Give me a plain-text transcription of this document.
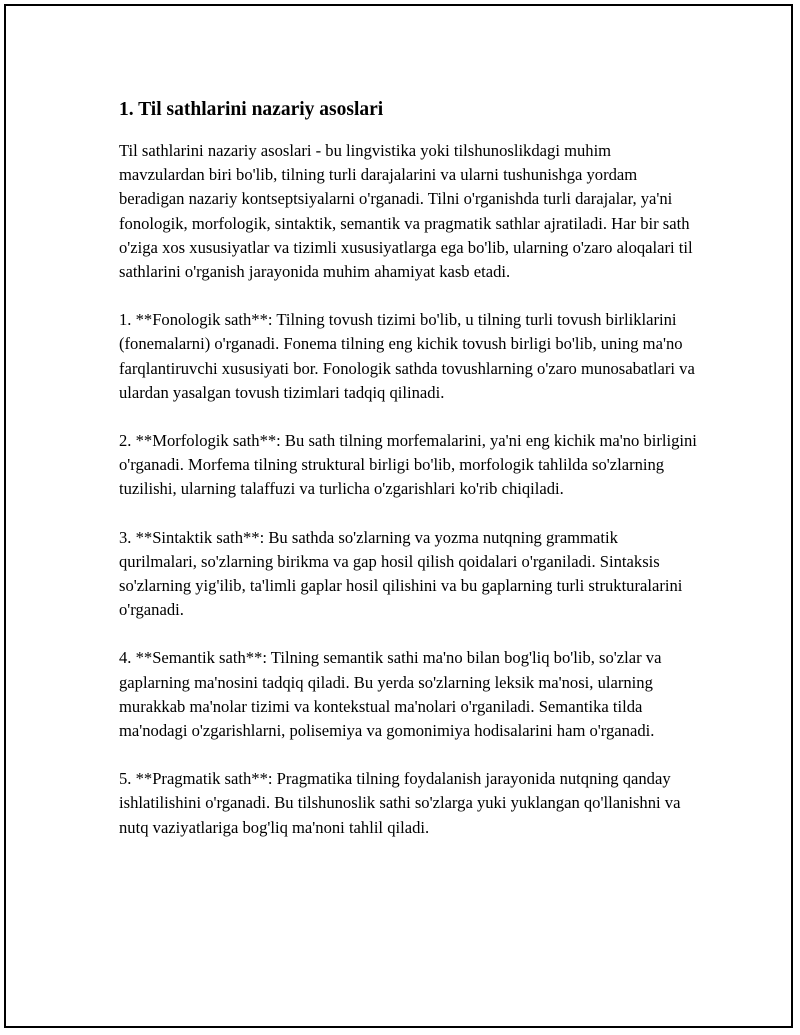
1. Til sathlarini nazariy asoslari

Til sathlarini nazariy asoslari - bu lingvistika yoki tilshunoslikdagi muhim mavzulardan biri bo'lib, tilning turli darajalarini va ularni tushunishga yordam beradigan nazariy kontseptsiyalarni o'rganadi. Tilni o'rganishda turli darajalar, ya'ni fonologik, morfologik, sintaktik, semantik va pragmatik sathlar ajratiladi. Har bir sath o'ziga xos xususiyatlar va tizimli xususiyatlarga ega bo'lib, ularning o'zaro aloqalari til sathlarini o'rganish jarayonida muhim ahamiyat kasb etadi.

1. **Fonologik sath**: Tilning tovush tizimi bo'lib, u tilning turli tovush birliklarini (fonemalarni) o'rganadi. Fonema tilning eng kichik tovush birligi bo'lib, uning ma'no farqlantiruvchi xususiyati bor. Fonologik sathda tovushlarning o'zaro munosabatlari va ulardan yasalgan tovush tizimlari tadqiq qilinadi.

2. **Morfologik sath**: Bu sath tilning morfemalarini, ya'ni eng kichik ma'no birligini o'rganadi. Morfema tilning struktural birligi bo'lib, morfologik tahlilda so'zlarning tuzilishi, ularning talaffuzi va turlicha o'zgarishlari ko'rib chiqiladi.

3. **Sintaktik sath**: Bu sathda so'zlarning va yozma nutqning grammatik qurilmalari, so'zlarning birikma va gap hosil qilish qoidalari o'rganiladi. Sintaksis so'zlarning yig'ilib, ta'limli gaplar hosil qilishini va bu gaplarning turli strukturalarini o'rganadi.

4. **Semantik sath**: Tilning semantik sathi ma'no bilan bog'liq bo'lib, so'zlar va gaplarning ma'nosini tadqiq qiladi. Bu yerda so'zlarning leksik ma'nosi, ularning murakkab ma'nolar tizimi va kontekstual ma'nolari o'rganiladi. Semantika tilda ma'nodagi o'zgarishlarni, polisemiya va gomonimiya hodisalarini ham o'rganadi.

5. **Pragmatik sath**: Pragmatika tilning foydalanish jarayonida nutqning qanday ishlatilishini o'rganadi. Bu tilshunoslik sathi so'zlarga yuki yuklangan qo'llanishni va nutq vaziyatlariga bog'liq ma'noni tahlil qiladi.
